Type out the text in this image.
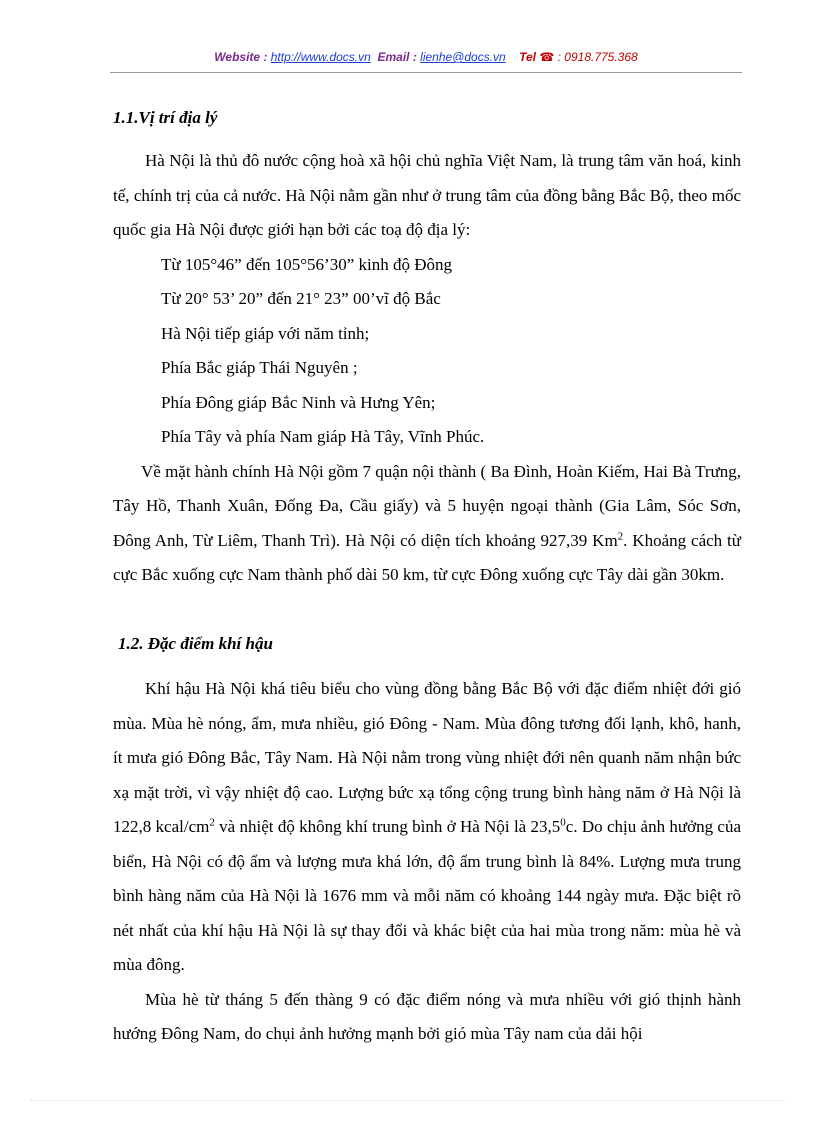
Website : http://www.docs.vn Email : lienhe@docs.vn Tel ☎ : 0918.775.368
1.1.Vị trí địa lý

Hà Nội là thủ đô nước cộng hoà xã hội chủ nghĩa Việt Nam, là trung tâm văn hoá, kinh tế, chính trị của cả nước. Hà Nội nằm gần như ở trung tâm của đồng bằng Bắc Bộ, theo mốc quốc gia Hà Nội được giới hạn bởi các toạ độ địa lý:

Từ 105°46” đến 105°56’30” kinh độ Đông

Từ 20° 53’ 20” đến 21° 23” 00’vĩ độ Bắc

Hà Nội tiếp giáp với năm tỉnh;

Phía Bắc giáp Thái Nguyên ;

Phía Đông giáp Bắc Ninh và Hưng Yên;

Phía Tây và phía Nam giáp Hà Tây, Vĩnh Phúc.

Về mặt hành chính Hà Nội gồm 7 quận nội thành ( Ba Đình, Hoàn Kiếm, Hai Bà Trưng, Tây Hồ, Thanh Xuân, Đống Đa, Cầu giấy) và 5 huyện ngoại thành (Gia Lâm, Sóc Sơn, Đông Anh, Từ Liêm, Thanh Trì). Hà Nội có diện tích khoảng 927,39 Km$^2$. Khoảng cách từ cực Bắc xuống cực Nam thành phố dài 50 km, từ cực Đông xuống cực Tây dài gần 30km.

1.2. Đặc điểm khí hậu

Khí hậu Hà Nội khá tiêu biểu cho vùng đồng bằng Bắc Bộ với đặc điểm nhiệt đới gió mùa. Mùa hè nóng, ẩm, mưa nhiều, gió Đông - Nam. Mùa đông tương đối lạnh, khô, hanh, ít mưa gió Đông Bắc, Tây Nam. Hà Nội nằm trong vùng nhiệt đới nên quanh năm nhận bức xạ mặt trời, vì vậy nhiệt độ cao. Lượng bức xạ tổng cộng trung bình hàng năm ở Hà Nội là 122,8 kcal/$cm^2$ và nhiệt độ không khí trung bình ở Hà Nội là 23,5$^0$c. Do chịu ảnh hưởng của biển, Hà Nội có độ ẩm và lượng mưa khá lớn, độ ẩm trung bình là 84%. Lượng mưa trung bình hàng năm của Hà Nội là 1676 mm và mỗi năm có khoảng 144 ngày mưa. Đặc biệt rõ nét nhất của khí hậu Hà Nội là sự thay đổi và khác biệt của hai mùa trong năm: mùa hè và mùa đông.

Mùa hè từ tháng 5 đến thàng 9 có đặc điểm nóng và mưa nhiều với gió thịnh hành hướng Đông Nam, do chụi ảnh hưởng mạnh bởi gió mùa Tây nam của dải hội
